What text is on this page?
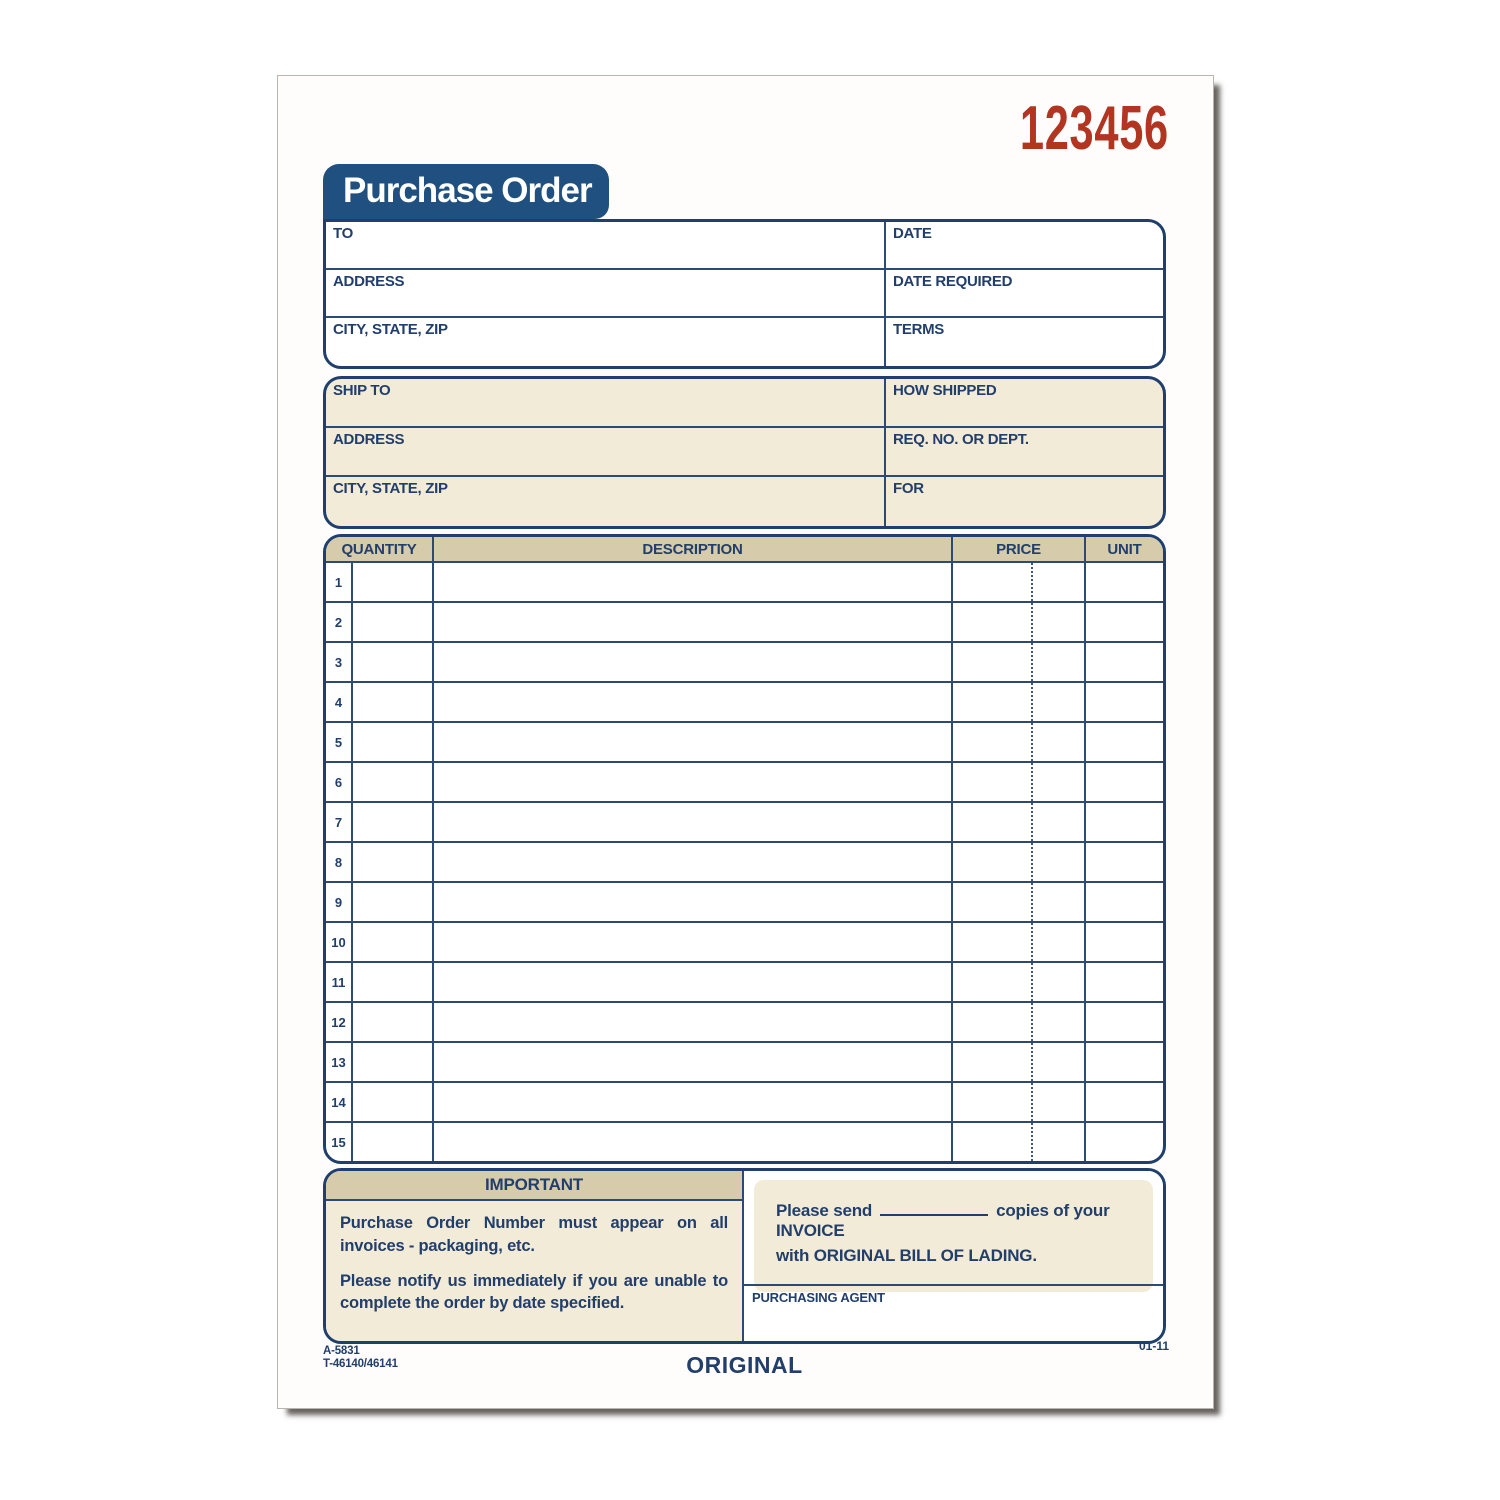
123456
Purchase Order
TO	DATE
ADDRESS	DATE REQUIRED
CITY, STATE, ZIP	TERMS
SHIP TO	HOW SHIPPED
ADDRESS	REQ. NO. OR DEPT.
CITY, STATE, ZIP	FOR
QUANTITY	DESCRIPTION	PRICE	UNIT
1
2
3
4
5
6
7
8
9
10
11
12
13
14
15
IMPORTANT

Purchase Order Number must appear on all invoices - packaging, etc.

Please notify us immediately if you are unable to complete the order by date specified.

Please send	copies of your INVOICE
with ORIGINAL BILL OF LADING.
PURCHASING AGENT
A-5831
T-46140/46141	ORIGINAL
01-11
